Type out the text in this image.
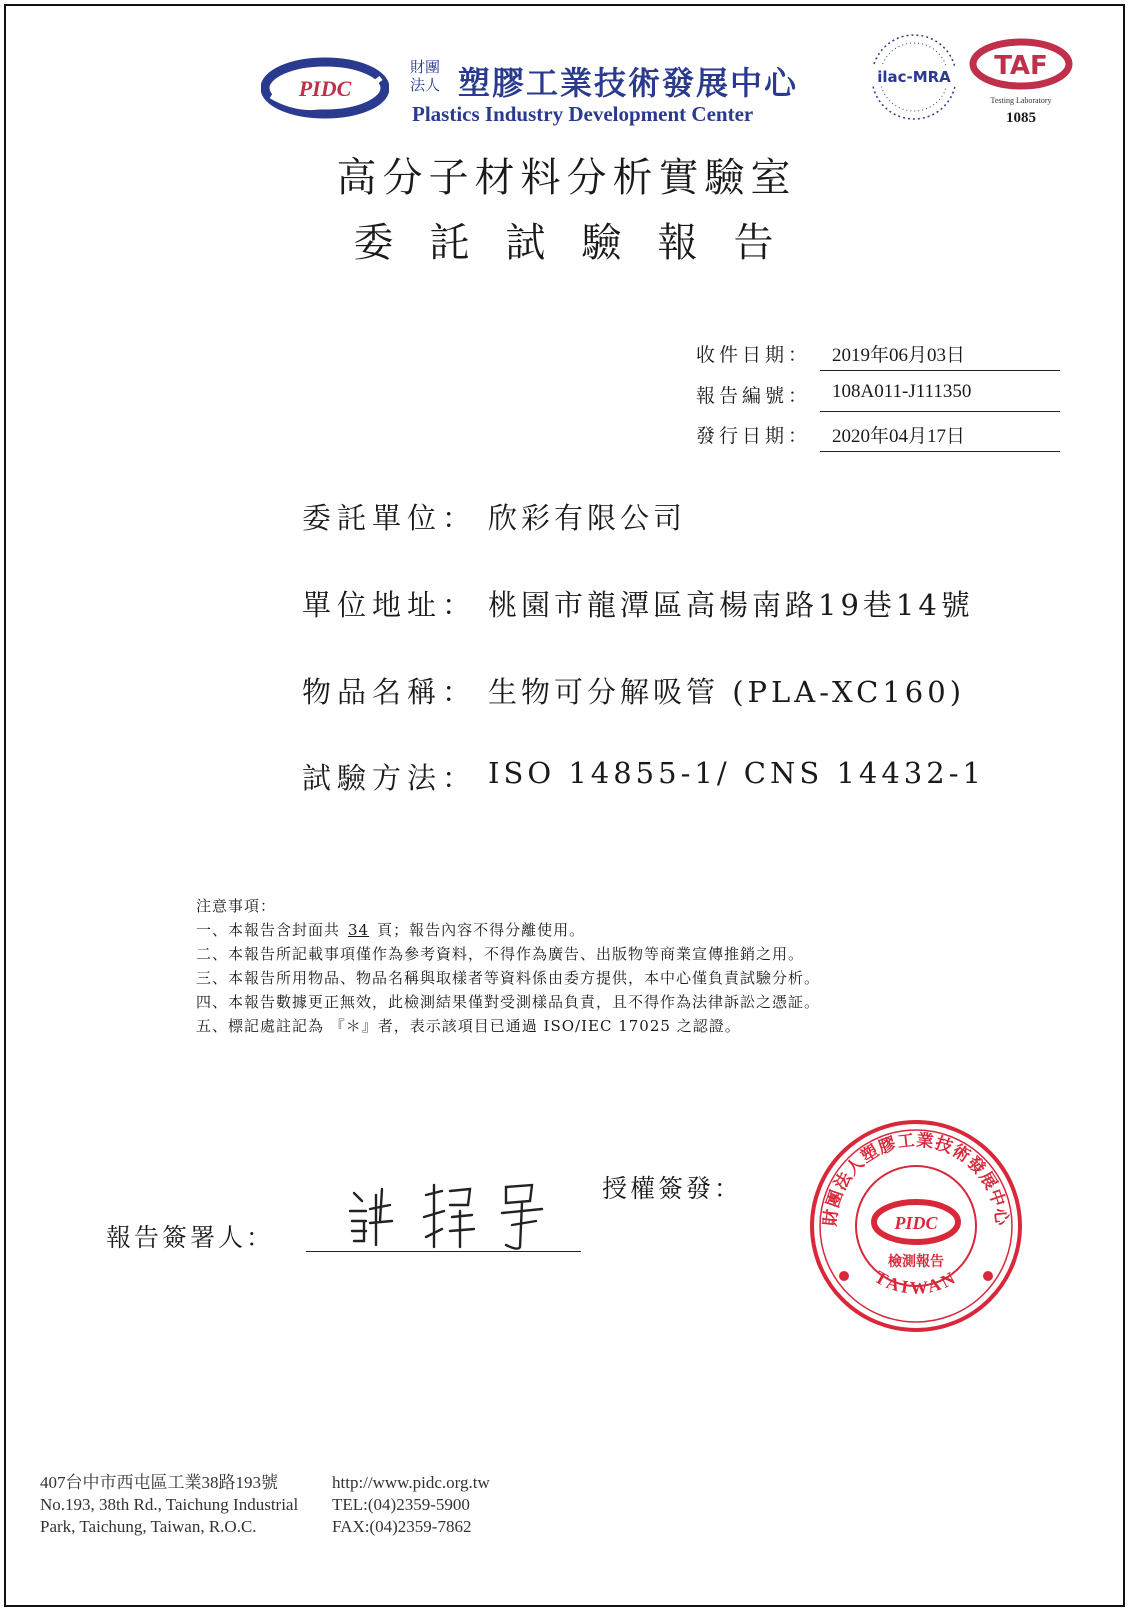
PIDC
財團
法人 塑膠工業技術發展中心
Plastics Industry Development Center
ilac-MRA TAF
Testing Laboratory
1085
高分子材料分析實驗室
委託試驗報告
收件日期： 2019年06月03日
報告編號： 108A011-J111350
發行日期： 2020年04月17日
委託單位： 欣彩有限公司
單位地址： 桃園市龍潭區高楊南路19巷14號
物品名稱： 生物可分解吸管 (PLA-XC160)
試驗方法： ISO 14855-1/ CNS 14432-1
注意事項：
一、本報告含封面共 34 頁；報告內容不得分離使用。
二、本報告所記載事項僅作為參考資料，不得作為廣告、出版物等商業宣傳推銷之用。
三、本報告所用物品、物品名稱與取樣者等資料係由委方提供，本中心僅負責試驗分析。
四、本報告數據更正無效，此檢測結果僅對受測樣品負責，且不得作為法律訴訟之憑証。
五、標記處註記為 『＊』者，表示該項目已通過 ISO/IEC 17025 之認證。
報告簽署人：
授權簽發：
財團法人塑膠工業技術發展中心
PIDC
檢測報告
TAIWAN
407台中市西屯區工業38路193號
No.193, 38th Rd., Taichung Industrial
Park, Taichung, Taiwan, R.O.C.
http://www.pidc.org.tw
TEL:(04)2359-5900
FAX:(04)2359-7862
